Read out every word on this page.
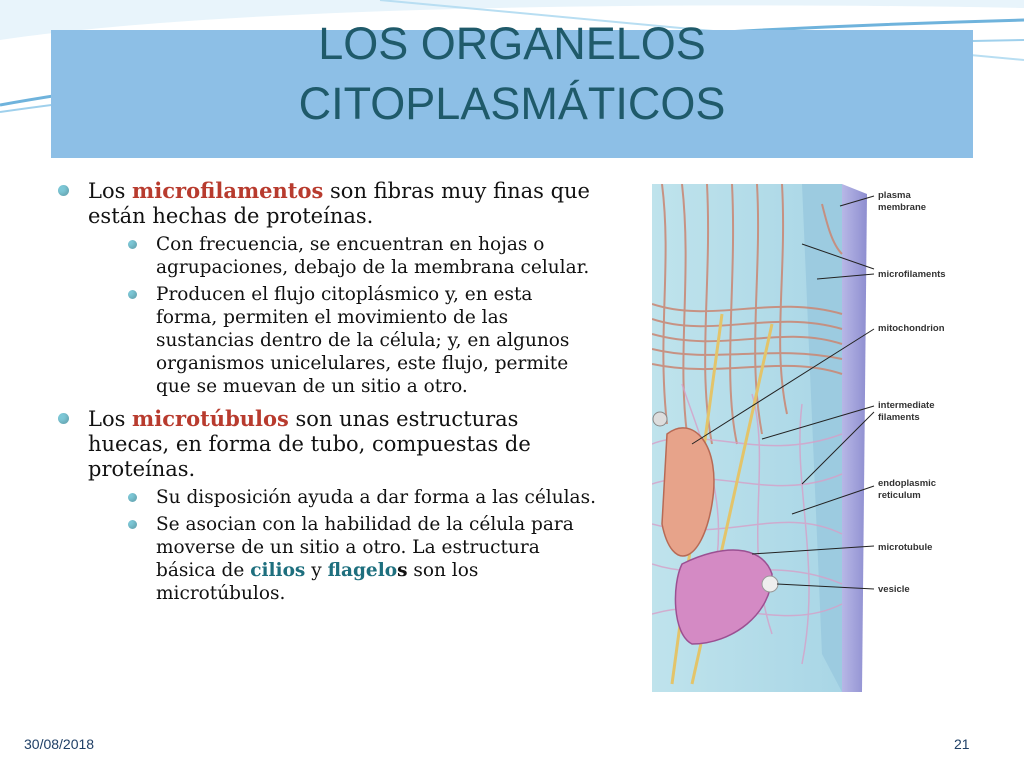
LOS ORGANELOS
CITOPLASMÁTICOS
Los microfilamentos son fibras muy finas que están hechas de proteínas.
Con frecuencia, se encuentran en hojas o agrupaciones, debajo de la membrana celular.
Producen el flujo citoplásmico y, en esta forma, permiten el movimiento de las sustancias dentro de la célula; y, en algunos organismos unicelulares, este flujo, permite que se muevan de un sitio a otro.
Los microtúbulos son unas estructuras huecas, en forma de tubo, compuestas de proteínas.
Su disposición ayuda a dar forma a las células.
Se asocian con la habilidad de la célula para moverse de un sitio a otro. La estructura básica de cilios y flagelos son los microtúbulos.
plasma
membrane
microfilaments
mitochondrion
intermediate
filaments
endoplasmic
reticulum
microtubule
vesicle
30/08/2018	21
